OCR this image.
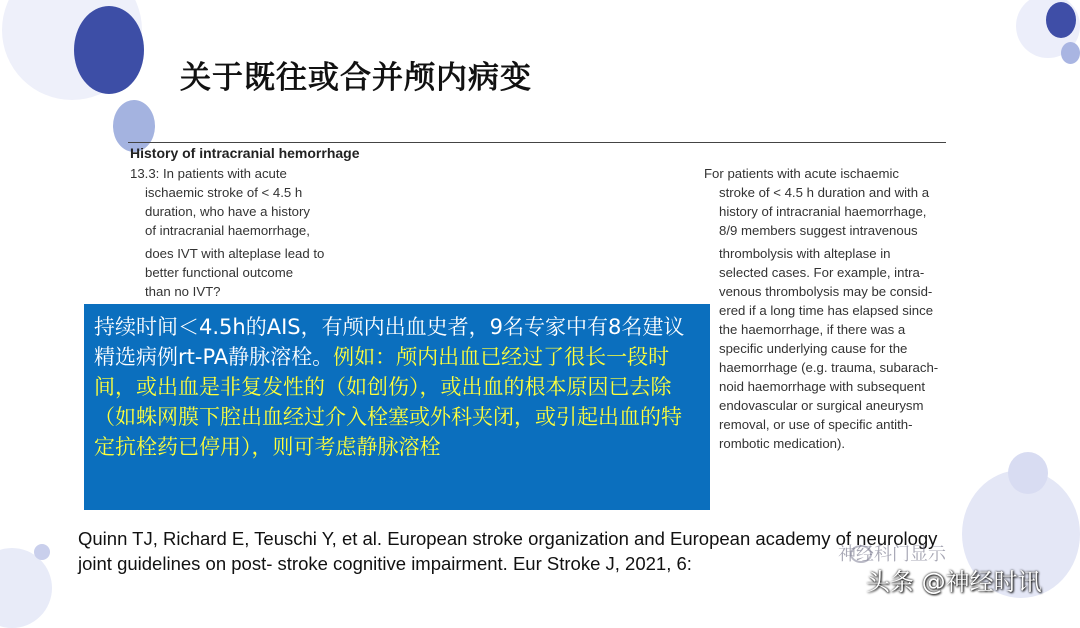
关于既往或合并颅内病变
History of intracranial hemorrhage
13.3: In patients with acute
ischaemic stroke of < 4.5 h
duration, who have a history
of intracranial haemorrhage,
does IVT with alteplase lead to
better functional outcome
than no IVT?
For patients with acute ischaemic
stroke of < 4.5 h duration and with a
history of intracranial haemorrhage,
8/9 members suggest intravenous
thrombolysis with alteplase in
selected cases. For example, intra-
venous thrombolysis may be consid-
ered if a long time has elapsed since
the haemorrhage, if there was a
specific underlying cause for the
haemorrhage (e.g. trauma, subarach-
noid haemorrhage with subsequent
endovascular or surgical aneurysm
removal, or use of specific antith-
rombotic medication).
持续时间＜4.5h的AIS，有颅内出血史者，9名专家中有8名建议精选病例rt-PA静脉溶栓。例如：颅内出血已经过了很长一段时间，或出血是非复发性的（如创伤），或出血的根本原因已去除（如蛛网膜下腔出血经过介入栓塞或外科夹闭，或引起出血的特定抗栓药已停用），则可考虑静脉溶栓
Quinn TJ, Richard E, Teuschi Y, et al. European stroke organization and European academy of neurology joint guidelines on post- stroke cognitive impairment. Eur Stroke J, 2021, 6:	神经科门显示
头条 @神经时讯
